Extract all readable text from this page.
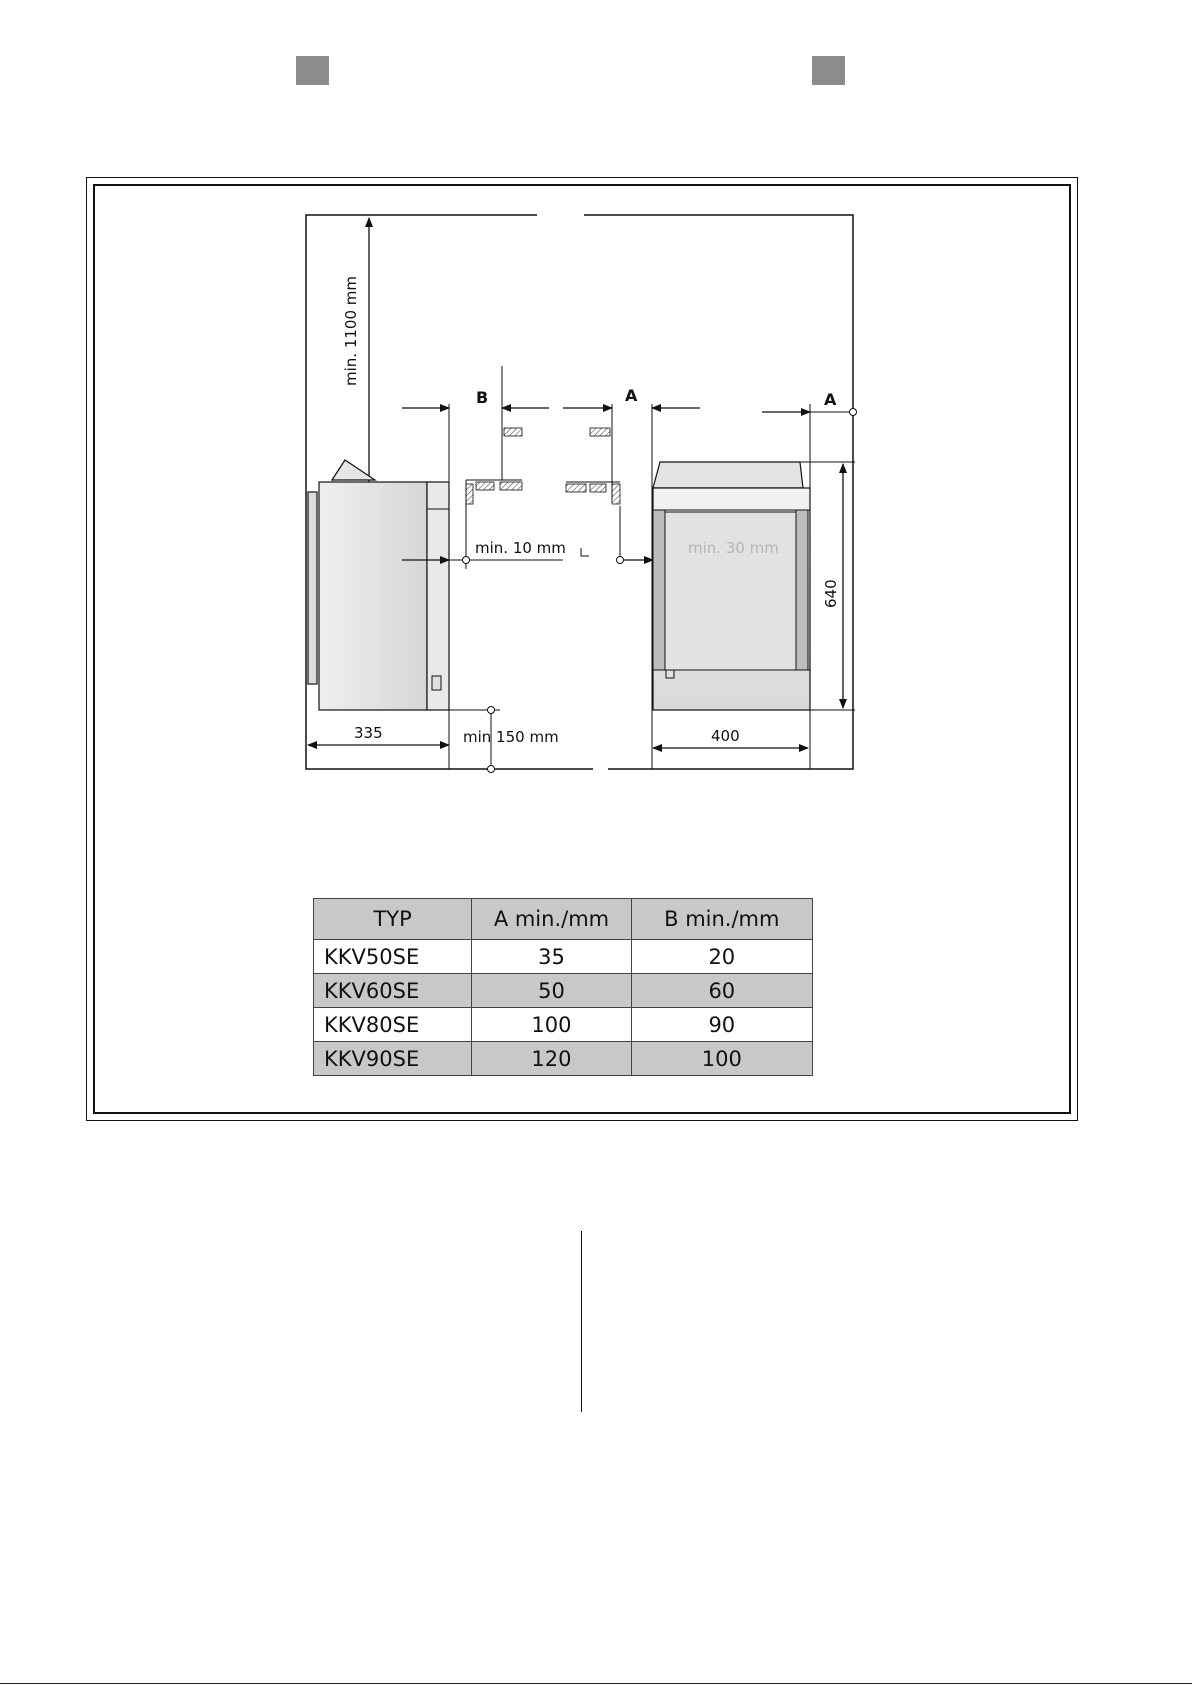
min. 1100 mm
B	A	A
min. 10 mm	min. 30 mm
640
335	min 150 mm	400
TYP	A min./mm	B min./mm
KKV50SE	35	20
KKV60SE	50	60
KKV80SE	100	90
KKV90SE	120	100
